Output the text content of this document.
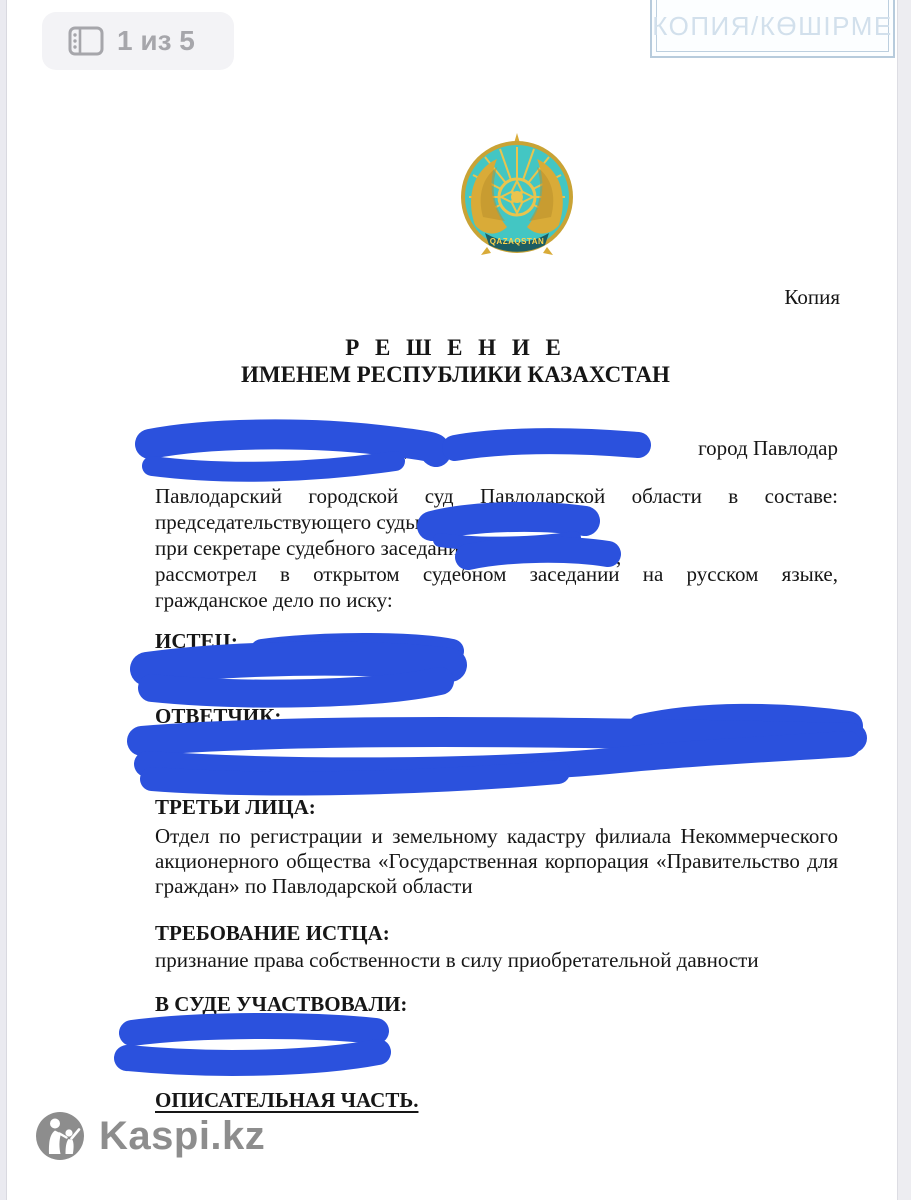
1 из 5	КОПИЯ/КӨШІРМЕ
QAZAQSTAN
Копия
Р Е Ш Е Н И Е
ИМЕНЕМ РЕСПУБЛИКИ КАЗАХСТАН
дело	город Павлодар
Павлодарский городской суд Павлодарской области в составе:
председательствующего судьи
при секретаре судебного заседания
рассмотрел в открытом судебном заседании на русском языке,
гражданское дело по иску:
,
ИСТЕЦ:
ОТВЕТЧИК:
ТРЕТЬИ ЛИЦА:
Отдел по регистрации и земельному кадастру филиала Некоммерческого
акционерного общества «Государственная корпорация «Правительство для
граждан» по Павлодарской области
ТРЕБОВАНИЕ ИСТЦА:
признание права собственности в силу приобретательной давности
В СУДЕ УЧАСТВОВАЛИ:
ОПИСАТЕЛЬНАЯ ЧАСТЬ.
Kaspi.kz
